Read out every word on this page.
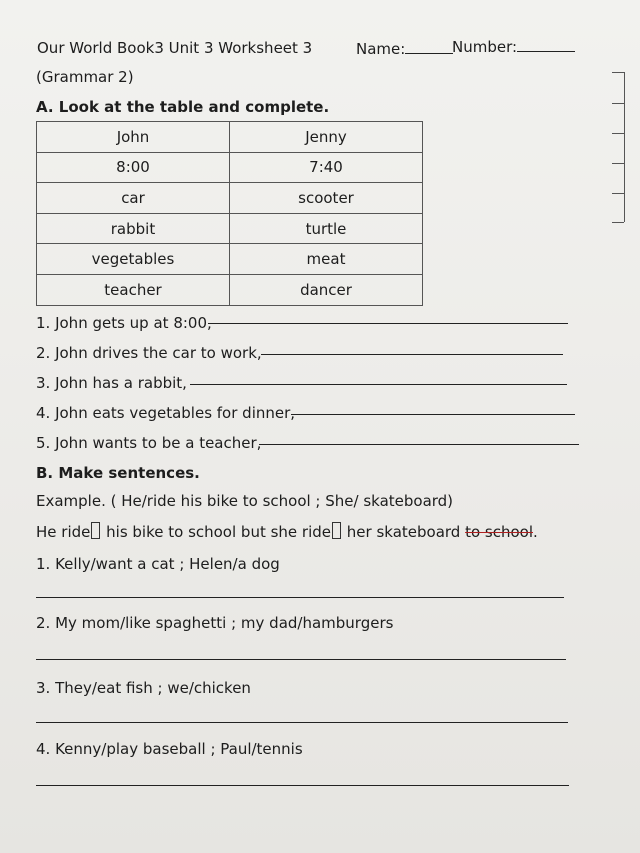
Our World Book3 Unit 3 Worksheet 3	Name:	Number:
(Grammar 2)
A. Look at the table and complete.
John	Jenny
8:00	7:40
car	scooter
rabbit	turtle
vegetables	meat
teacher	dancer
1. John gets up at 8:00,
2. John drives the car to work,
3. John has a rabbit,
4. John eats vegetables for dinner,
5. John wants to be a teacher,
B. Make sentences.
Example. ( He/ride his bike to school ; She/ skateboard)
He ride his bike to school but she ride her skateboard to school.
1. Kelly/want a cat ; Helen/a dog
2. My mom/like spaghetti ; my dad/hamburgers
3. They/eat fish ; we/chicken
4. Kenny/play baseball ; Paul/tennis
